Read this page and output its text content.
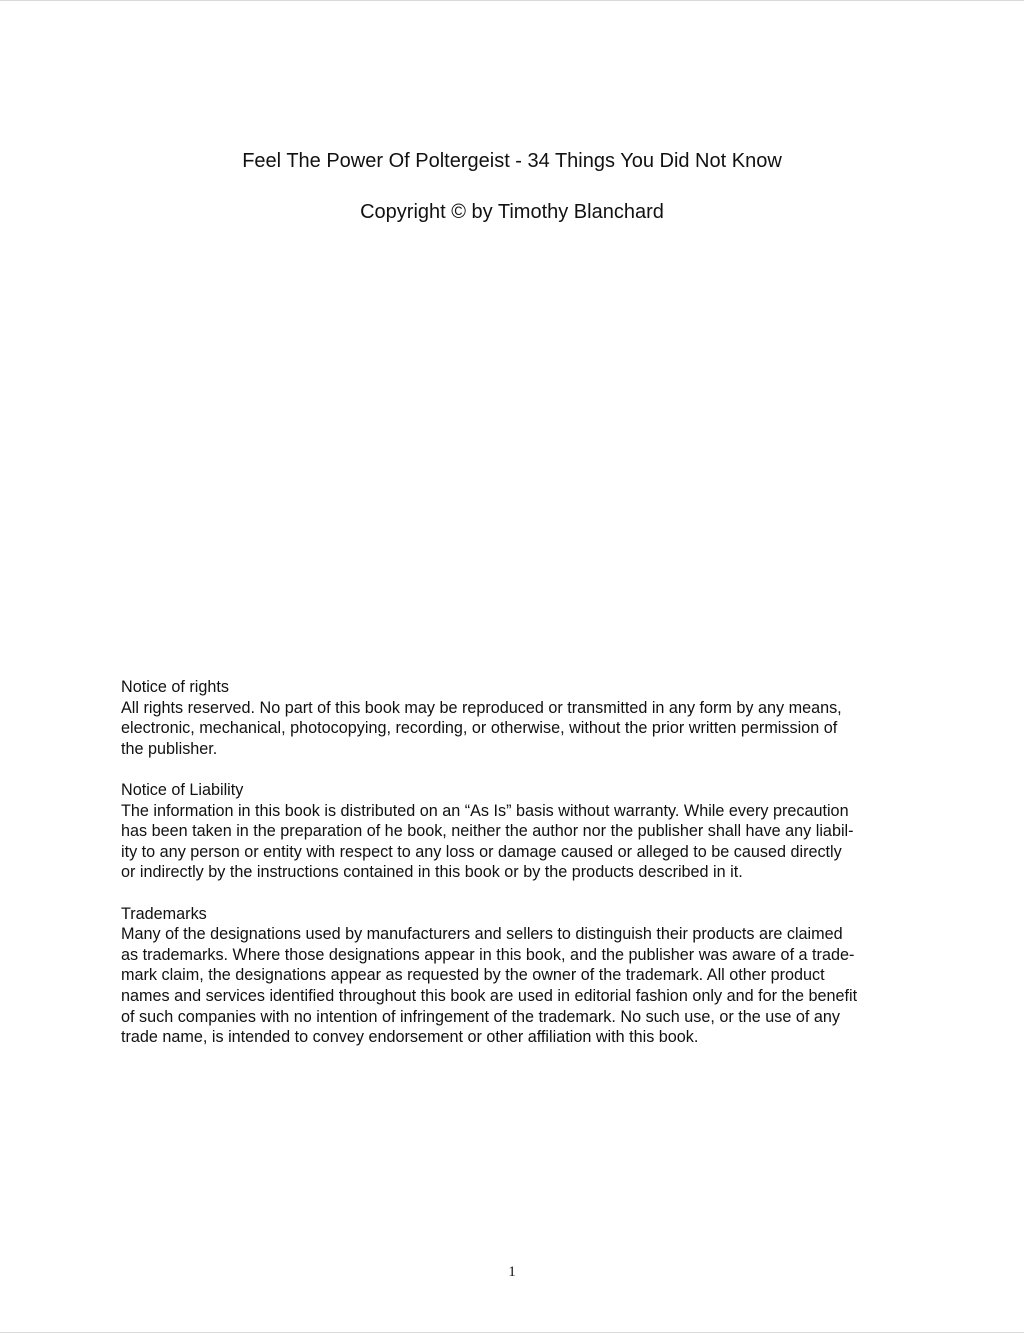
Feel The Power Of Poltergeist - 34 Things You Did Not Know

Copyright © by Timothy Blanchard

Notice of rights

All rights reserved. No part of this book may be reproduced or transmitted in any form by any means,
electronic, mechanical, photocopying, recording, or otherwise, without the prior written permission of
the publisher.

Notice of Liability

The information in this book is distributed on an “As Is” basis without warranty. While every precaution
has been taken in the preparation of he book, neither the author nor the publisher shall have any liabil-
ity to any person or entity with respect to any loss or damage caused or alleged to be caused directly
or indirectly by the instructions contained in this book or by the products described in it.

Trademarks

Many of the designations used by manufacturers and sellers to distinguish their products are claimed
as trademarks. Where those designations appear in this book, and the publisher was aware of a trade-
mark claim, the designations appear as requested by the owner of the trademark. All other product
names and services identified throughout this book are used in editorial fashion only and for the benefit
of such companies with no intention of infringement of the trademark. No such use, or the use of any
trade name, is intended to convey endorsement or other affiliation with this book.

1
